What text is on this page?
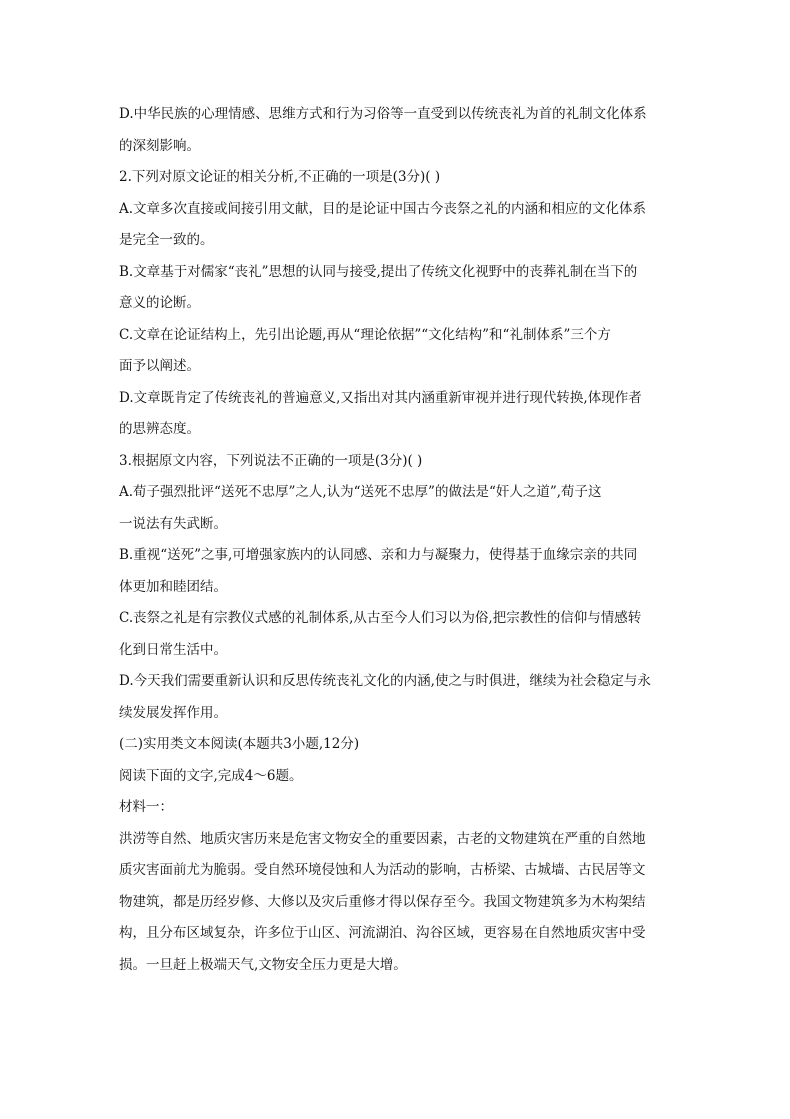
D.中华民族的心理情感、思维方式和行为习俗等一直受到以传统丧礼为首的礼制文化体系
的深刻影响。
2.下列对原文论证的相关分析,不正确的一项是(3分)( )
A.文章多次直接或间接引用文献，目的是论证中国古今丧祭之礼的内涵和相应的文化体系
是完全一致的。
B.文章基于对儒家“丧礼”思想的认同与接受,提出了传统文化视野中的丧葬礼制在当下的
意义的论断。
C.文章在论证结构上，先引出论题,再从“理论依据”“文化结构”和“礼制体系”三个方
面予以阐述。
D.文章既肯定了传统丧礼的普遍意义,又指出对其内涵重新审视并进行现代转换,体现作者
的思辨态度。
3.根据原文内容，下列说法不正确的一项是(3分)( )
A.荀子强烈批评“送死不忠厚”之人,认为“送死不忠厚”的做法是“奸人之道”,荀子这
一说法有失武断。
B.重视“送死”之事,可增强家族内的认同感、亲和力与凝聚力，使得基于血缘宗亲的共同
体更加和睦团结。
C.丧祭之礼是有宗教仪式感的礼制体系,从古至今人们习以为俗,把宗教性的信仰与情感转
化到日常生活中。
D.今天我们需要重新认识和反思传统丧礼文化的内涵,使之与时俱进，继续为社会稳定与永
续发展发挥作用。
(二)实用类文本阅读(本题共3小题,12分)
阅读下面的文字,完成4～6题。
材料一：
洪涝等自然、地质灾害历来是危害文物安全的重要因素，古老的文物建筑在严重的自然地
质灾害面前尤为脆弱。受自然环境侵蚀和人为活动的影响，古桥梁、古城墙、古民居等文
物建筑，都是历经岁修、大修以及灾后重修才得以保存至今。我国文物建筑多为木构架结
构，且分布区域复杂，许多位于山区、河流湖泊、沟谷区域，更容易在自然地质灾害中受
损。一旦赶上极端天气,文物安全压力更是大增。
